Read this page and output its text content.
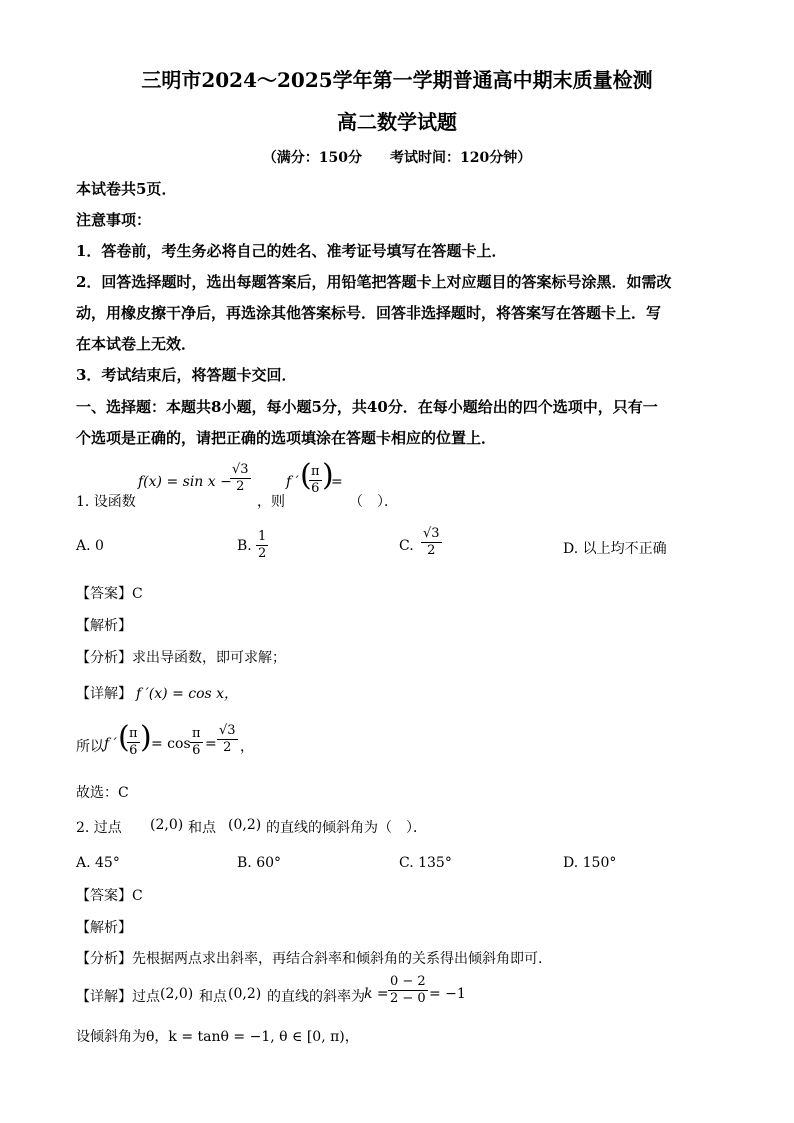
三明市2024～2025学年第一学期普通高中期末质量检测
高二数学试题
（满分：150分　　考试时间：120分钟）
本试卷共5页．
注意事项：
1．答卷前，考生务必将自己的姓名、准考证号填写在答题卡上．
2．回答选择题时，选出每题答案后，用铅笔把答题卡上对应题目的答案标号涂黑．如需改
动，用橡皮擦干净后，再选涂其他答案标号．回答非选择题时，将答案写在答题卡上．写
在本试卷上无效．
3．考试结束后，将答题卡交回．
一、选择题：本题共8小题，每小题5分，共40分．在每小题给出的四个选项中，只有一
个选项是正确的，请把正确的选项填涂在答题卡相应的位置上．
1. 设函数
f(x) = sin x −
$\frac{√3}{2}$
，则
f ′ (
$\frac{\pi}{6}$ )
=
（　）．
A. 0	B. $\frac{1}{2}$	C. $\frac{√3}{2}$	D. 以上均不正确
【答案】C
【解析】
【分析】求出导函数，即可求解；
【详解】 f ′(x) = cos x，
所以 f ′ (
$\frac{\pi}{6}$ ) = $\cos \frac{\pi}{6} = \frac{√3}{2}$ ，
故选：C
2. 过点 (2,0) 和点 (0,2) 的直线的倾斜角为（　）．
A. 45°	B. 60°	C. 135°	D. 150°
【答案】C
【解析】
【分析】先根据两点求出斜率，再结合斜率和倾斜角的关系得出倾斜角即可.
【详解】过点 (2,0) 和点 (0,2) 的直线的斜率为 $k = \frac{0 - 2}{2 - 0} = -1$
设倾斜角为θ，k = tanθ = −1, θ ∈ [0, π)，
